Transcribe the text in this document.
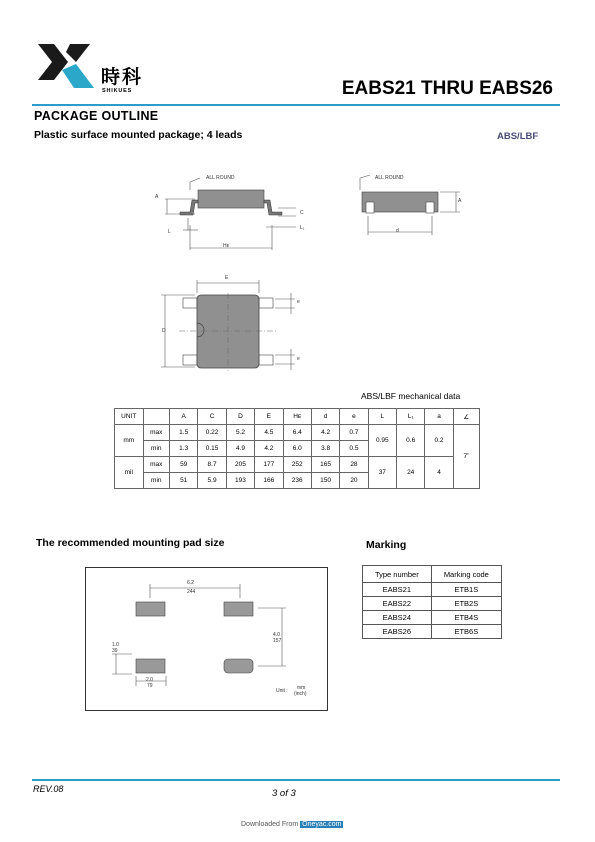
時科
SHIKUES	EABS21 THRU EABS26
PACKAGE OUTLINE
Plastic surface mounted package; 4 leads	ABS/LBF
ALL ROUND
A
L
C
L₁
Hᴇ
ALL ROUND
A
d
E
D
e
e
ABS/LBF mechanical data
UNIT		A	C	D	E	Hᴇ	d	e	L	L₁	a	∠
mm	max	1.5	0.22	5.2	4.5	6.4	4.2	0.7	0.95	0.6	0.2	7˚
	min	1.3	0.15	4.9	4.2	6.0	3.8	0.5				
mil	max	59	8.7	205	177	252	165	28	37	24	4	
	min	51	5.9	193	166	236	150	20				
The recommended mounting pad size
6.2
244
4.0
157
1.0
39
2.0
79
Unit : mm
(inch)
Marking
Type number	Marking code
EABS21	ETB1S
EABS22	ETB2S
EABS24	ETB4S
EABS26	ETB6S
REV.08	3 of 3
Downloaded From Oneyac.com
